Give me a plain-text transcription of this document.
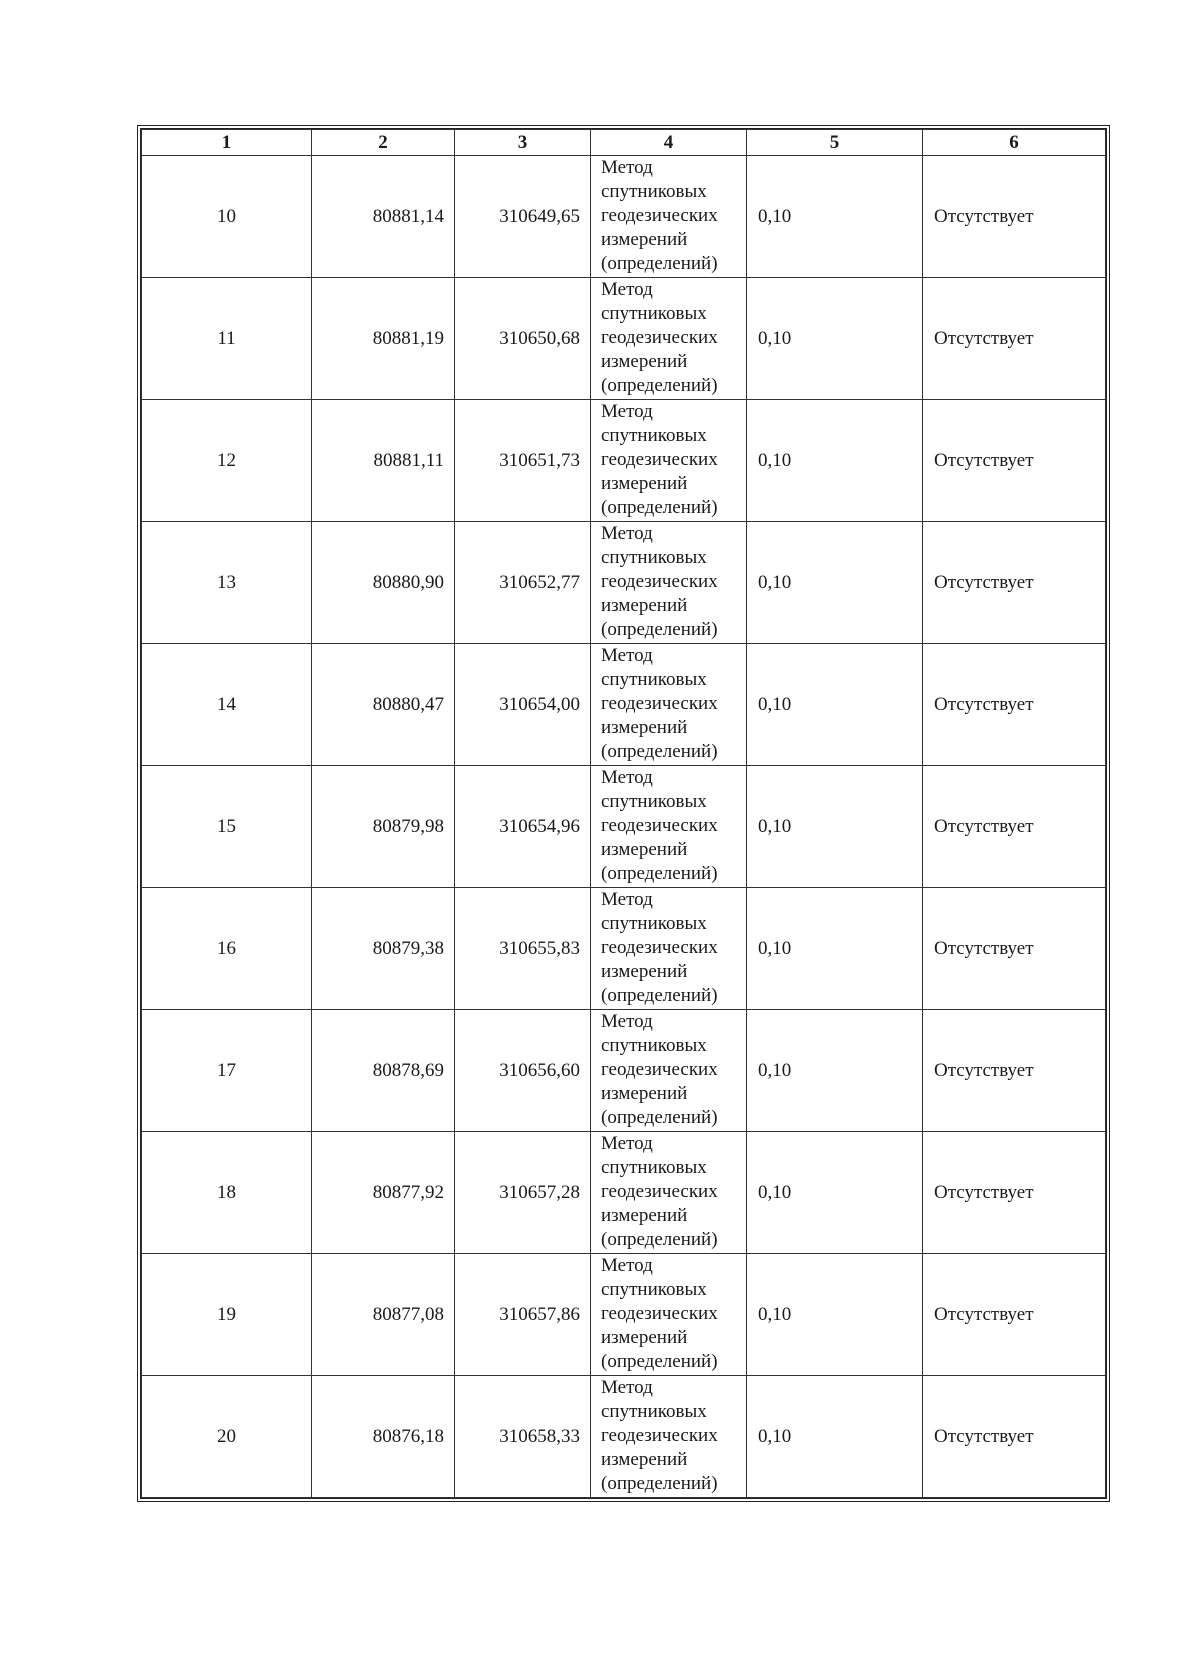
1	2	3	4	5	6
10	80881,14	310649,65	Метод
спутниковых
геодезических
измерений
(определений)	0,10	Отсутствует
11	80881,19	310650,68	Метод
спутниковых
геодезических
измерений
(определений)	0,10	Отсутствует
12	80881,11	310651,73	Метод
спутниковых
геодезических
измерений
(определений)	0,10	Отсутствует
13	80880,90	310652,77	Метод
спутниковых
геодезических
измерений
(определений)	0,10	Отсутствует
14	80880,47	310654,00	Метод
спутниковых
геодезических
измерений
(определений)	0,10	Отсутствует
15	80879,98	310654,96	Метод
спутниковых
геодезических
измерений
(определений)	0,10	Отсутствует
16	80879,38	310655,83	Метод
спутниковых
геодезических
измерений
(определений)	0,10	Отсутствует
17	80878,69	310656,60	Метод
спутниковых
геодезических
измерений
(определений)	0,10	Отсутствует
18	80877,92	310657,28	Метод
спутниковых
геодезических
измерений
(определений)	0,10	Отсутствует
19	80877,08	310657,86	Метод
спутниковых
геодезических
измерений
(определений)	0,10	Отсутствует
20	80876,18	310658,33	Метод
спутниковых
геодезических
измерений
(определений)	0,10	Отсутствует
